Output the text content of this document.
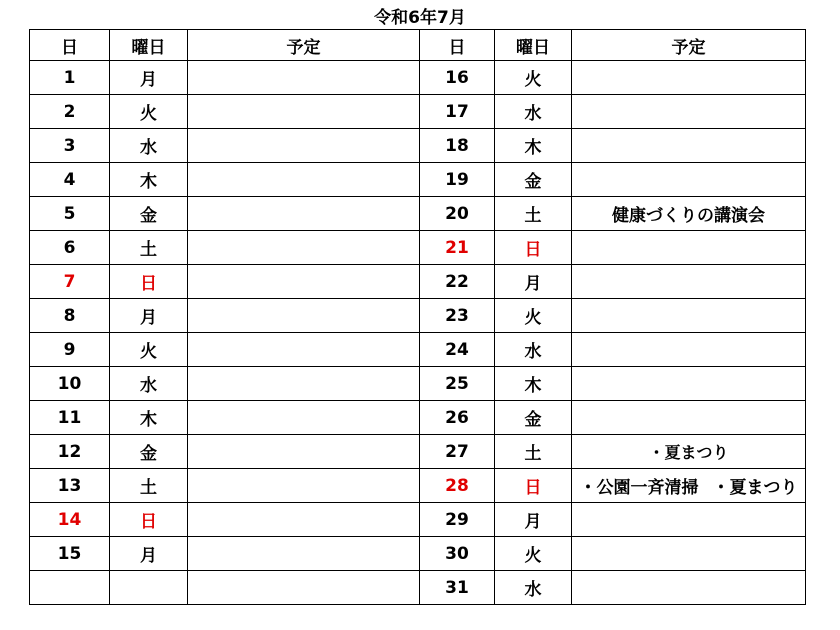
令和6年7月
日	曜日	予定	日	曜日	予定
1	月		16	火	
2	火		17	水	
3	水		18	木	
4	木		19	金	
5	金		20	土	健康づくりの講演会
6	土		21	日	
7	日		22	月	
8	月		23	火	
9	火		24	水	
10	水		25	木	
11	木		26	金	
12	金		27	土	・夏まつり
13	土		28	日	・公園一斉清掃 ・夏まつり
14	日		29	月	
15	月		30	火	
			31	水	
